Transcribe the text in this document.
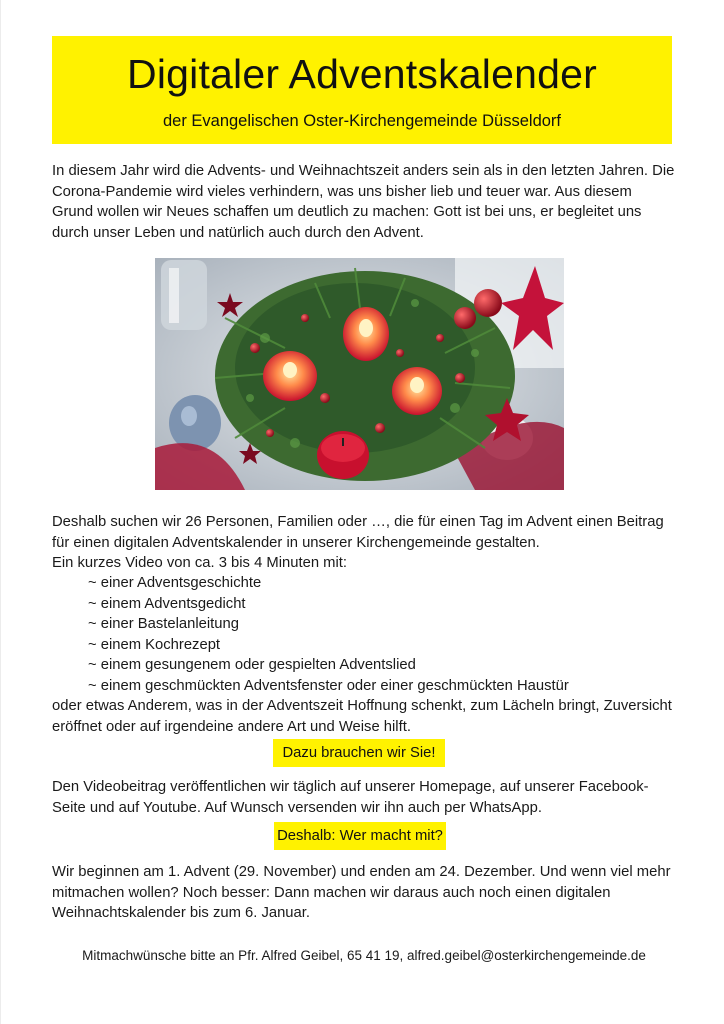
Digitaler Adventskalender
der Evangelischen Oster-Kirchengemeinde Düsseldorf

In diesem Jahr wird die Advents- und Weihnachtszeit anders sein als in den letzten Jahren. Die Corona-Pandemie wird vieles verhindern, was uns bisher lieb und teuer war. Aus diesem Grund wollen wir Neues schaffen um deutlich zu machen: Gott ist bei uns, er begleitet uns durch unser Leben und natürlich auch durch den Advent.

Deshalb suchen wir 26 Personen, Familien oder …, die für einen Tag im Advent einen Beitrag für einen digitalen Adventskalender in unserer Kirchengemeinde gestalten.
Ein kurzes Video von ca. 3 bis 4 Minuten mit:

~ einer Adventsgeschichte
~ einem Adventsgedicht
~ einer Bastelanleitung
~ einem Kochrezept
~ einem gesungenem oder gespielten Adventslied
~ einem geschmückten Adventsfenster oder einer geschmückten Haustür

oder etwas Anderem, was in der Adventszeit Hoffnung schenkt, zum Lächeln bringt, Zuversicht eröffnet oder auf irgendeine andere Art und Weise hilft.

Dazu brauchen wir Sie!

Den Videobeitrag veröffentlichen wir täglich auf unserer Homepage, auf unserer Facebook-Seite und auf Youtube. Auf Wunsch versenden wir ihn auch per WhatsApp.

Deshalb: Wer macht mit?

Wir beginnen am 1. Advent (29. November) und enden am 24. Dezember. Und wenn viel mehr mitmachen wollen? Noch besser: Dann machen wir daraus auch noch einen digitalen Weihnachtskalender bis zum 6. Januar.

Mitmachwünsche bitte an Pfr. Alfred Geibel, 65 41 19, alfred.geibel@osterkirchengemeinde.de
